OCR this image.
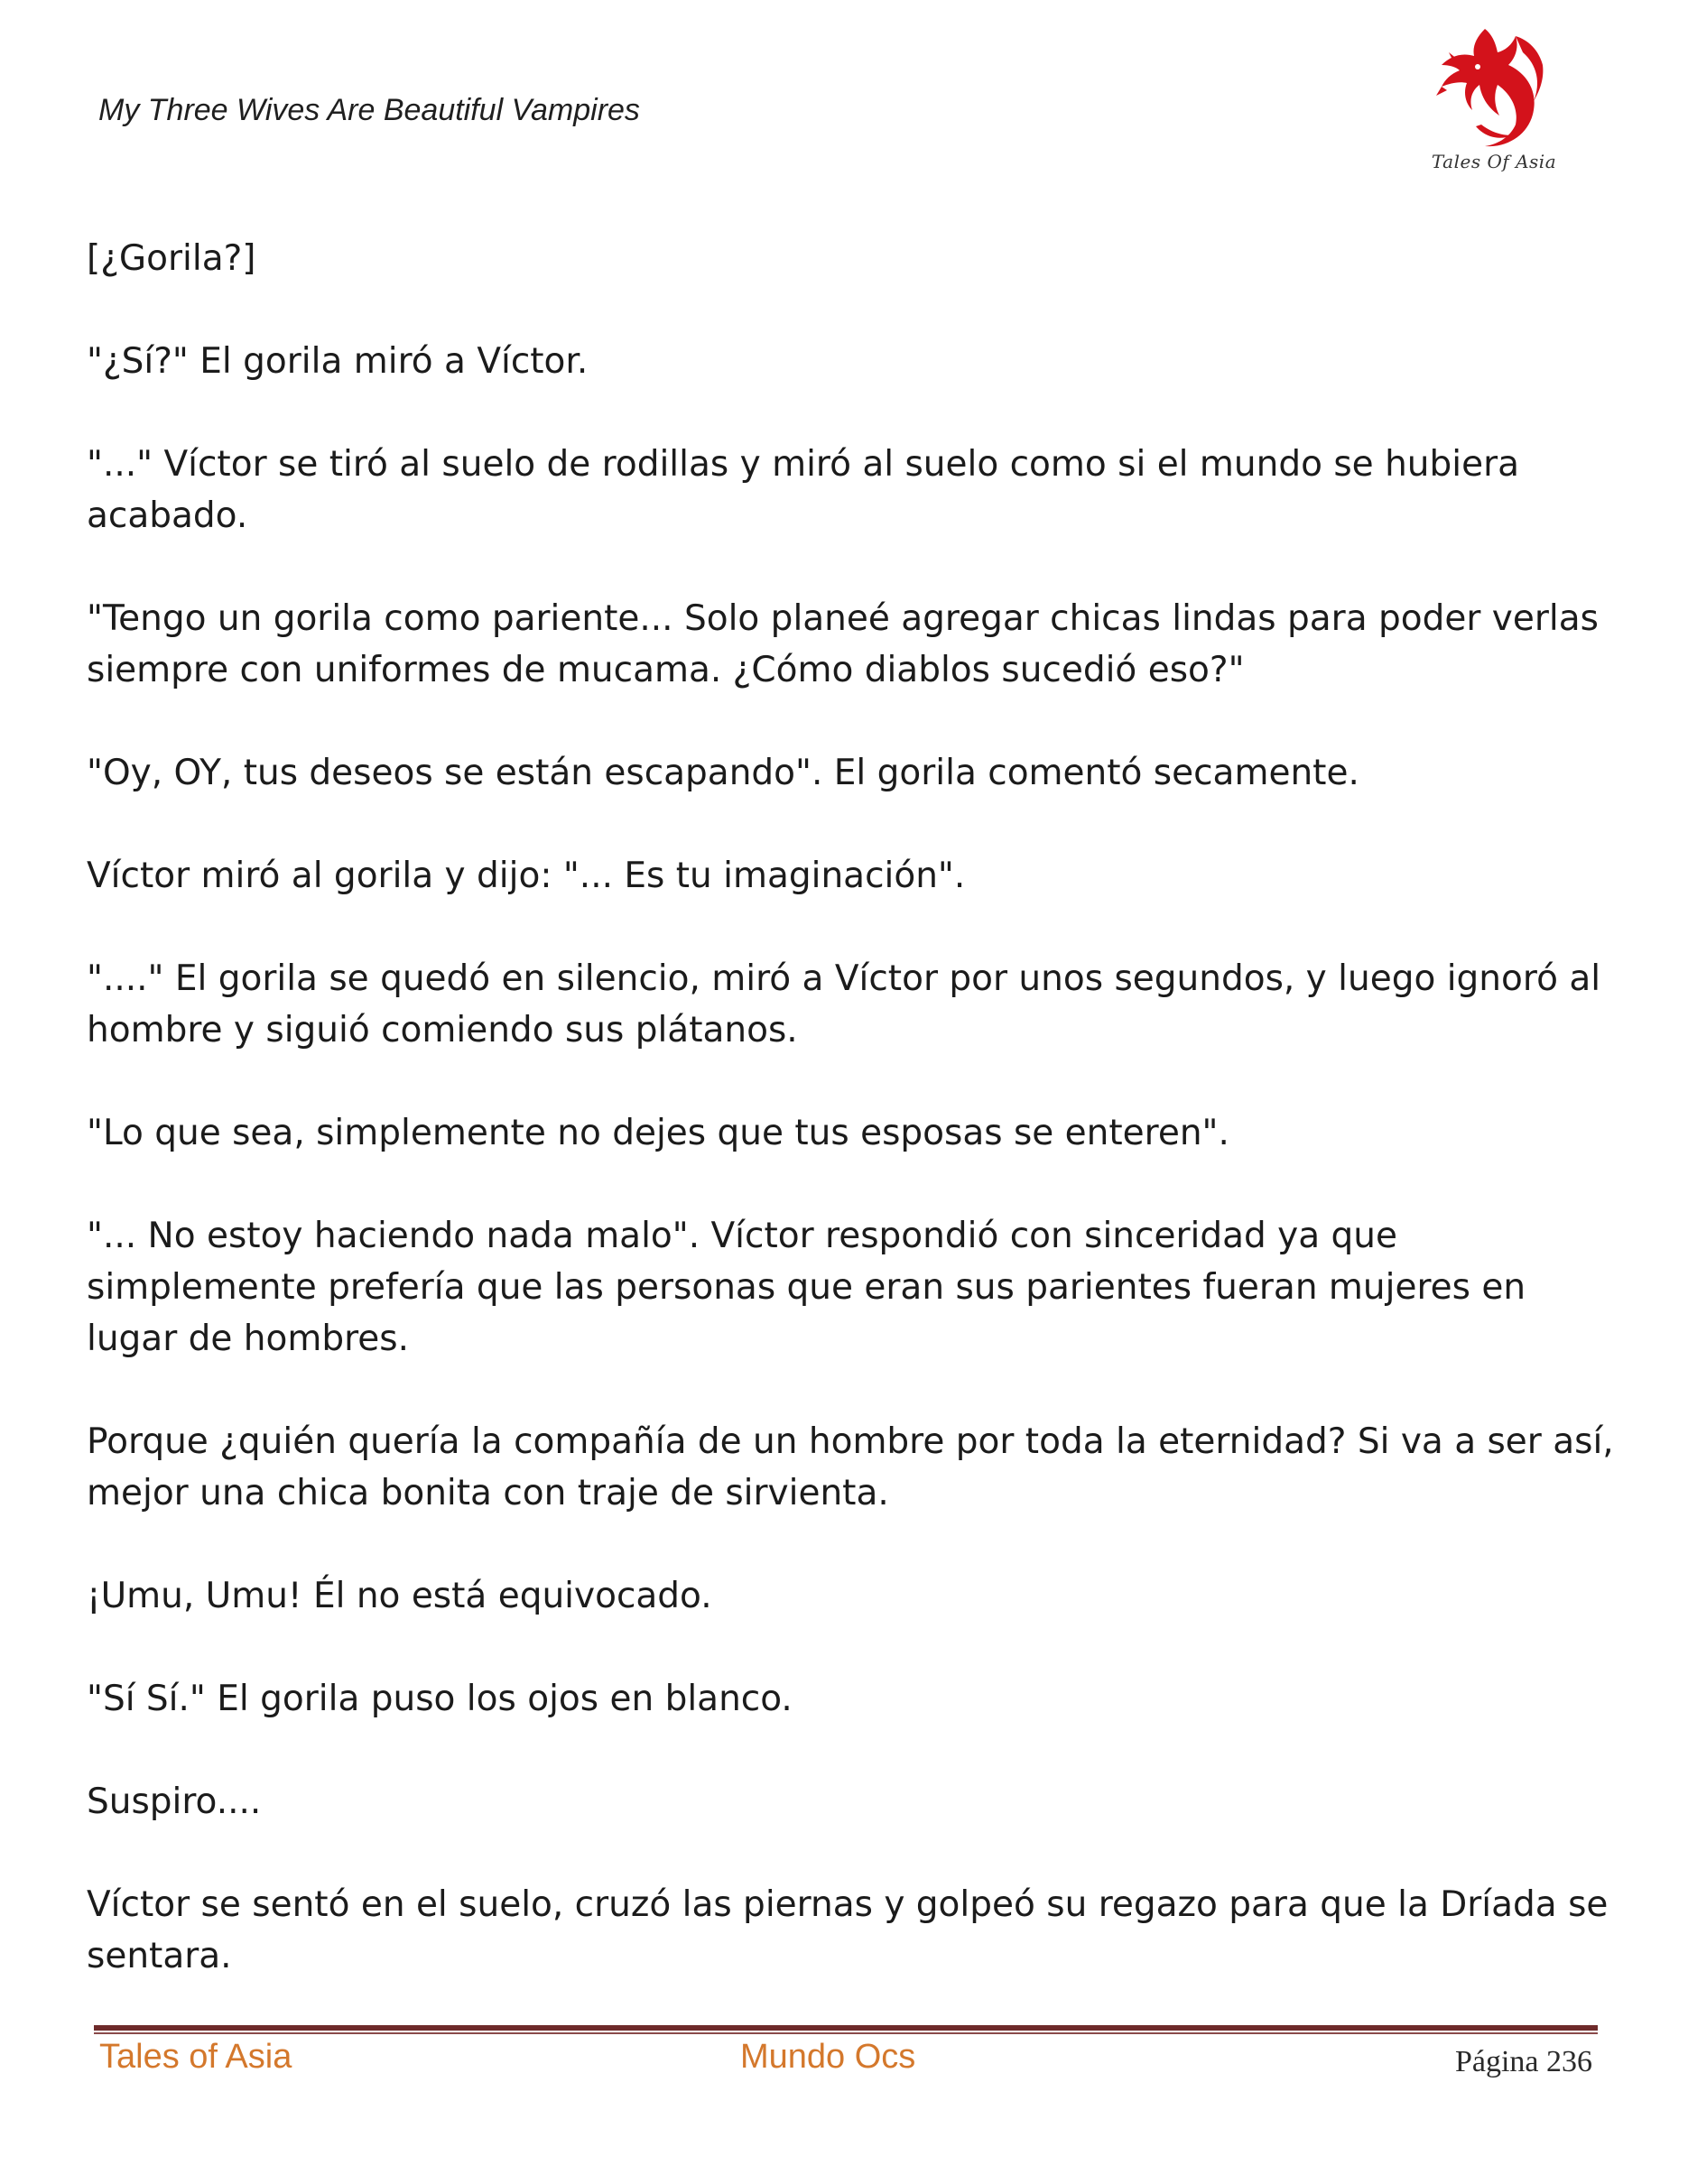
My Three Wives Are Beautiful Vampires
Tales Of Asia

[¿Gorila?]

"¿Sí?" El gorila miró a Víctor.

"..." Víctor se tiró al suelo de rodillas y miró al suelo como si el mundo se hubiera acabado.

"Tengo un gorila como pariente... Solo planeé agregar chicas lindas para poder verlas siempre con uniformes de mucama. ¿Cómo diablos sucedió eso?"

"Oy, OY, tus deseos se están escapando". El gorila comentó secamente.

Víctor miró al gorila y dijo: "... Es tu imaginación".

"...." El gorila se quedó en silencio, miró a Víctor por unos segundos, y luego ignoró al hombre y siguió comiendo sus plátanos.

"Lo que sea, simplemente no dejes que tus esposas se enteren".

"... No estoy haciendo nada malo". Víctor respondió con sinceridad ya que simplemente prefería que las personas que eran sus parientes fueran mujeres en lugar de hombres.

Porque ¿quién quería la compañía de un hombre por toda la eternidad? Si va a ser así, mejor una chica bonita con traje de sirvienta.

¡Umu, Umu! Él no está equivocado.

"Sí Sí." El gorila puso los ojos en blanco.

Suspiro....

Víctor se sentó en el suelo, cruzó las piernas y golpeó su regazo para que la Dríada se sentara.

Tales of Asia	Mundo Ocs	Página 236
